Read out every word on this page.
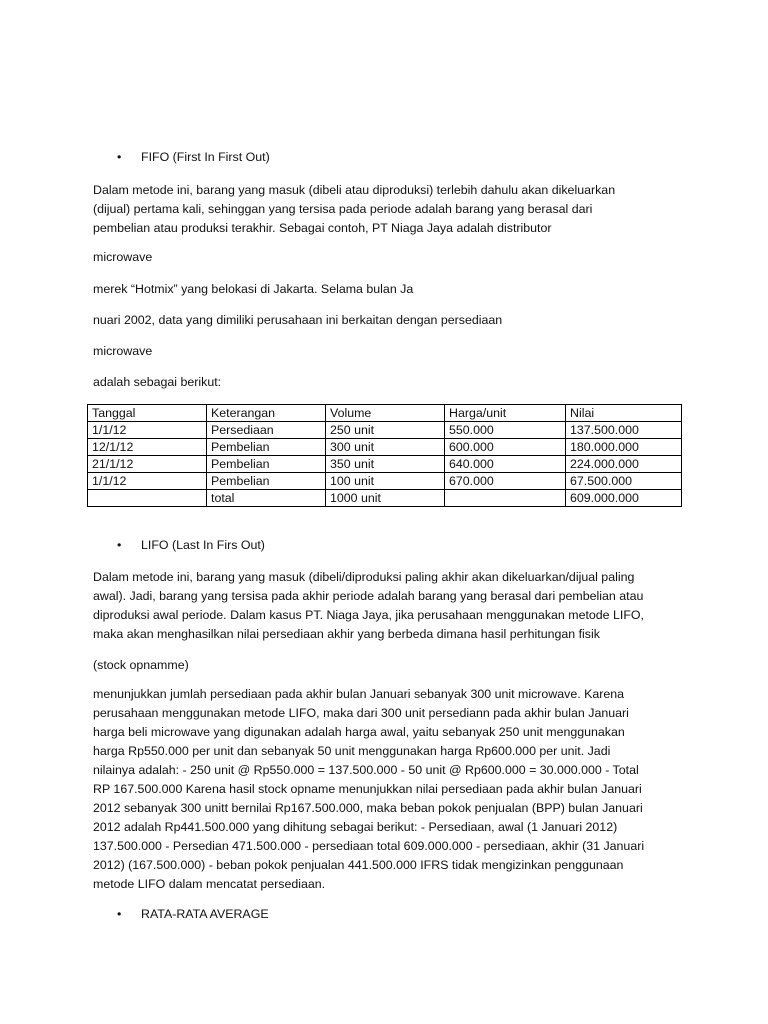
•	FIFO (First In First Out)
Dalam metode ini, barang yang masuk (dibeli atau diproduksi) terlebih dahulu akan dikeluarkan
(dijual) pertama kali, sehinggan yang tersisa pada periode adalah barang yang berasal dari
pembelian atau produksi terakhir. Sebagai contoh, PT Niaga Jaya adalah distributor
microwave
merek “Hotmix” yang belokasi di Jakarta. Selama bulan Ja
nuari 2002, data yang dimiliki perusahaan ini berkaitan dengan persediaan
microwave
adalah sebagai berikut:
Tanggal	Keterangan	Volume	Harga/unit	Nilai
1/1/12	Persediaan	250 unit	550.000	137.500.000
12/1/12	Pembelian	300 unit	600.000	180.000.000
21/1/12	Pembelian	350 unit	640.000	224.000.000
1/1/12	Pembelian	100 unit	670.000	67.500.000
	total	1000 unit		609.000.000
•	LIFO (Last In Firs Out)
Dalam metode ini, barang yang masuk (dibeli/diproduksi paling akhir akan dikeluarkan/dijual paling
awal). Jadi, barang yang tersisa pada akhir periode adalah barang yang berasal dari pembelian atau
diproduksi awal periode. Dalam kasus PT. Niaga Jaya, jika perusahaan menggunakan metode LIFO,
maka akan menghasilkan nilai persediaan akhir yang berbeda dimana hasil perhitungan fisik
(stock opnamme)
menunjukkan jumlah persediaan pada akhir bulan Januari sebanyak 300 unit microwave. Karena
perusahaan menggunakan metode LIFO, maka dari 300 unit persediann pada akhir bulan Januari
harga beli microwave yang digunakan adalah harga awal, yaitu sebanyak 250 unit menggunakan
harga Rp550.000 per unit dan sebanyak 50 unit menggunakan harga Rp600.000 per unit. Jadi
nilainya adalah: - 250 unit @ Rp550.000 = 137.500.000 - 50 unit @ Rp600.000 = 30.000.000 - Total
RP 167.500.000 Karena hasil stock opname menunjukkan nilai persediaan pada akhir bulan Januari
2012 sebanyak 300 unitt bernilai Rp167.500.000, maka beban pokok penjualan (BPP) bulan Januari
2012 adalah Rp441.500.000 yang dihitung sebagai berikut: - Persediaan, awal (1 Januari 2012)
137.500.000 - Persedian 471.500.000 - persediaan total 609.000.000 - persediaan, akhir (31 Januari
2012) (167.500.000) - beban pokok penjualan 441.500.000 IFRS tidak mengizinkan penggunaan
metode LIFO dalam mencatat persediaan.
•	RATA-RATA AVERAGE
